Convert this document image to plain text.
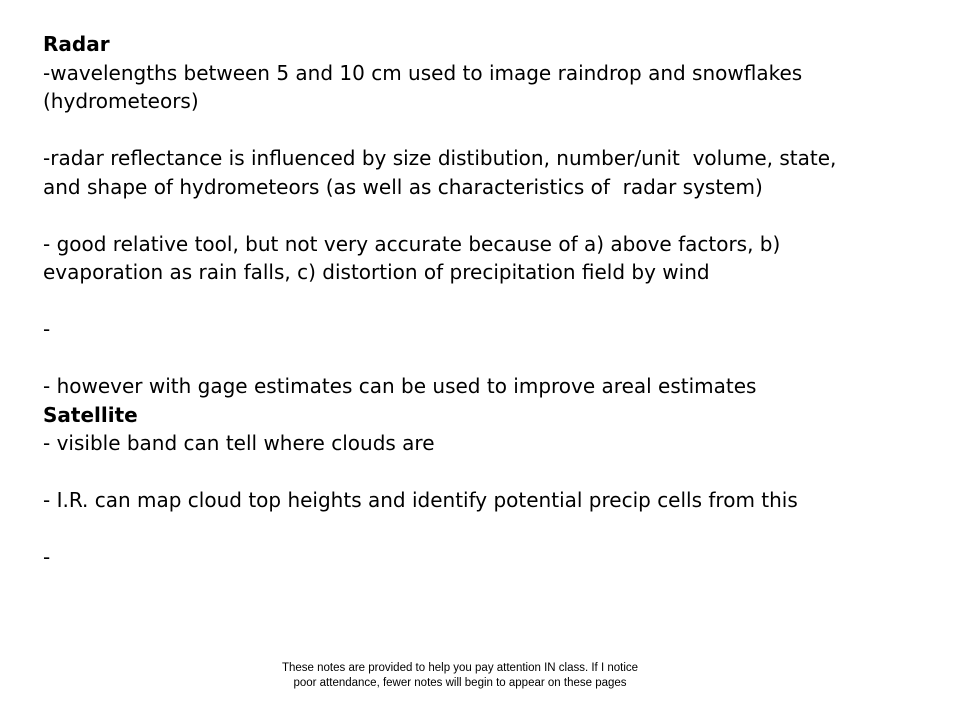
Radar

-wavelengths between 5 and 10 cm used to image raindrop and snowflakes

(hydrometeors)

-radar reflectance is influenced by size distibution, number/unit  volume, state,

and shape of hydrometeors (as well as characteristics of  radar system)

- good relative tool, but not very accurate because of a) above factors, b)

evaporation as rain falls, c) distortion of precipitation field by wind

-

- however with gage estimates can be used to improve areal estimates

Satellite

- visible band can tell where clouds are

- I.R. can map cloud top heights and identify potential precip cells from this

-

These notes are provided to help you pay attention IN class. If I notice

poor attendance, fewer notes will begin to appear on these pages
